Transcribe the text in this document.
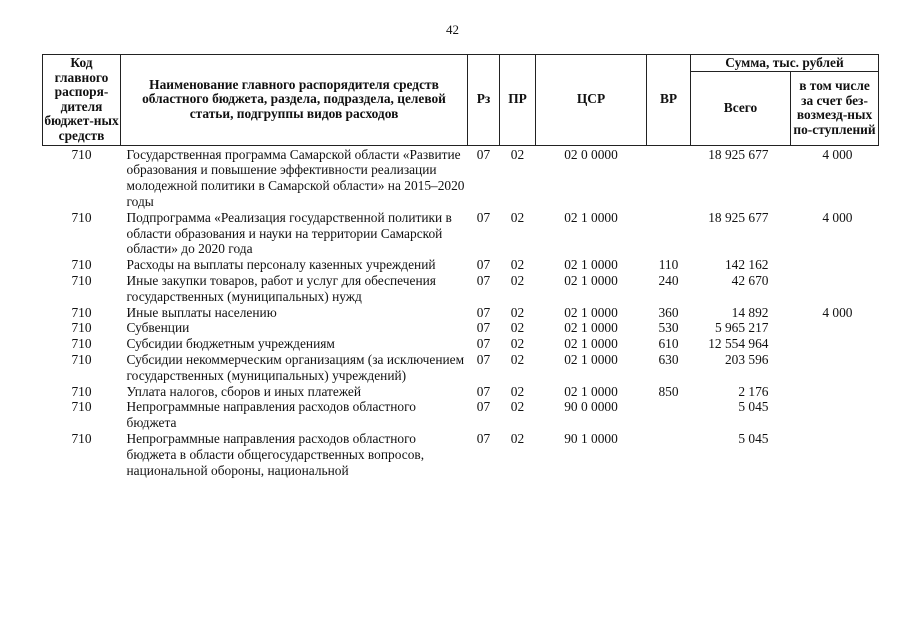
42
Код главного распоря-дителя бюджет-ных средств	Наименование главного распорядителя средств областного бюджета, раздела, подраздела, целевой статьи, подгруппы видов расходов	Рз	ПР	ЦСР	ВР	Сумма, тыс. рублей	
						Всего	в том числе за счет без-возмезд-ных по-ступлений
710	Государственная программа Самарской области «Развитие образования и повышение эффективности реализации молодежной политики в Самарской области» на 2015–2020 годы	07	02	02 0 0000		18 925 677	4 000
710	Подпрограмма «Реализация государственной политики в области образования и науки на территории Самарской области» до 2020 года	07	02	02 1 0000		18 925 677	4 000
710	Расходы на выплаты персоналу казенных учреждений	07	02	02 1 0000	110	142 162	
710	Иные закупки товаров, работ и услуг для обеспечения государственных (муниципальных) нужд	07	02	02 1 0000	240	42 670	
710	Иные выплаты населению	07	02	02 1 0000	360	14 892	4 000
710	Субвенции	07	02	02 1 0000	530	5 965 217	
710	Субсидии бюджетным учреждениям	07	02	02 1 0000	610	12 554 964	
710	Субсидии некоммерческим организациям (за исключением государственных (муниципальных) учреждений)	07	02	02 1 0000	630	203 596	
710	Уплата налогов, сборов и иных платежей	07	02	02 1 0000	850	2 176	
710	Непрограммные направления расходов областного бюджета	07	02	90 0 0000		5 045	
710	Непрограммные направления расходов областного бюджета в области общегосударственных вопросов, национальной обороны, национальной	07	02	90 1 0000		5 045	
